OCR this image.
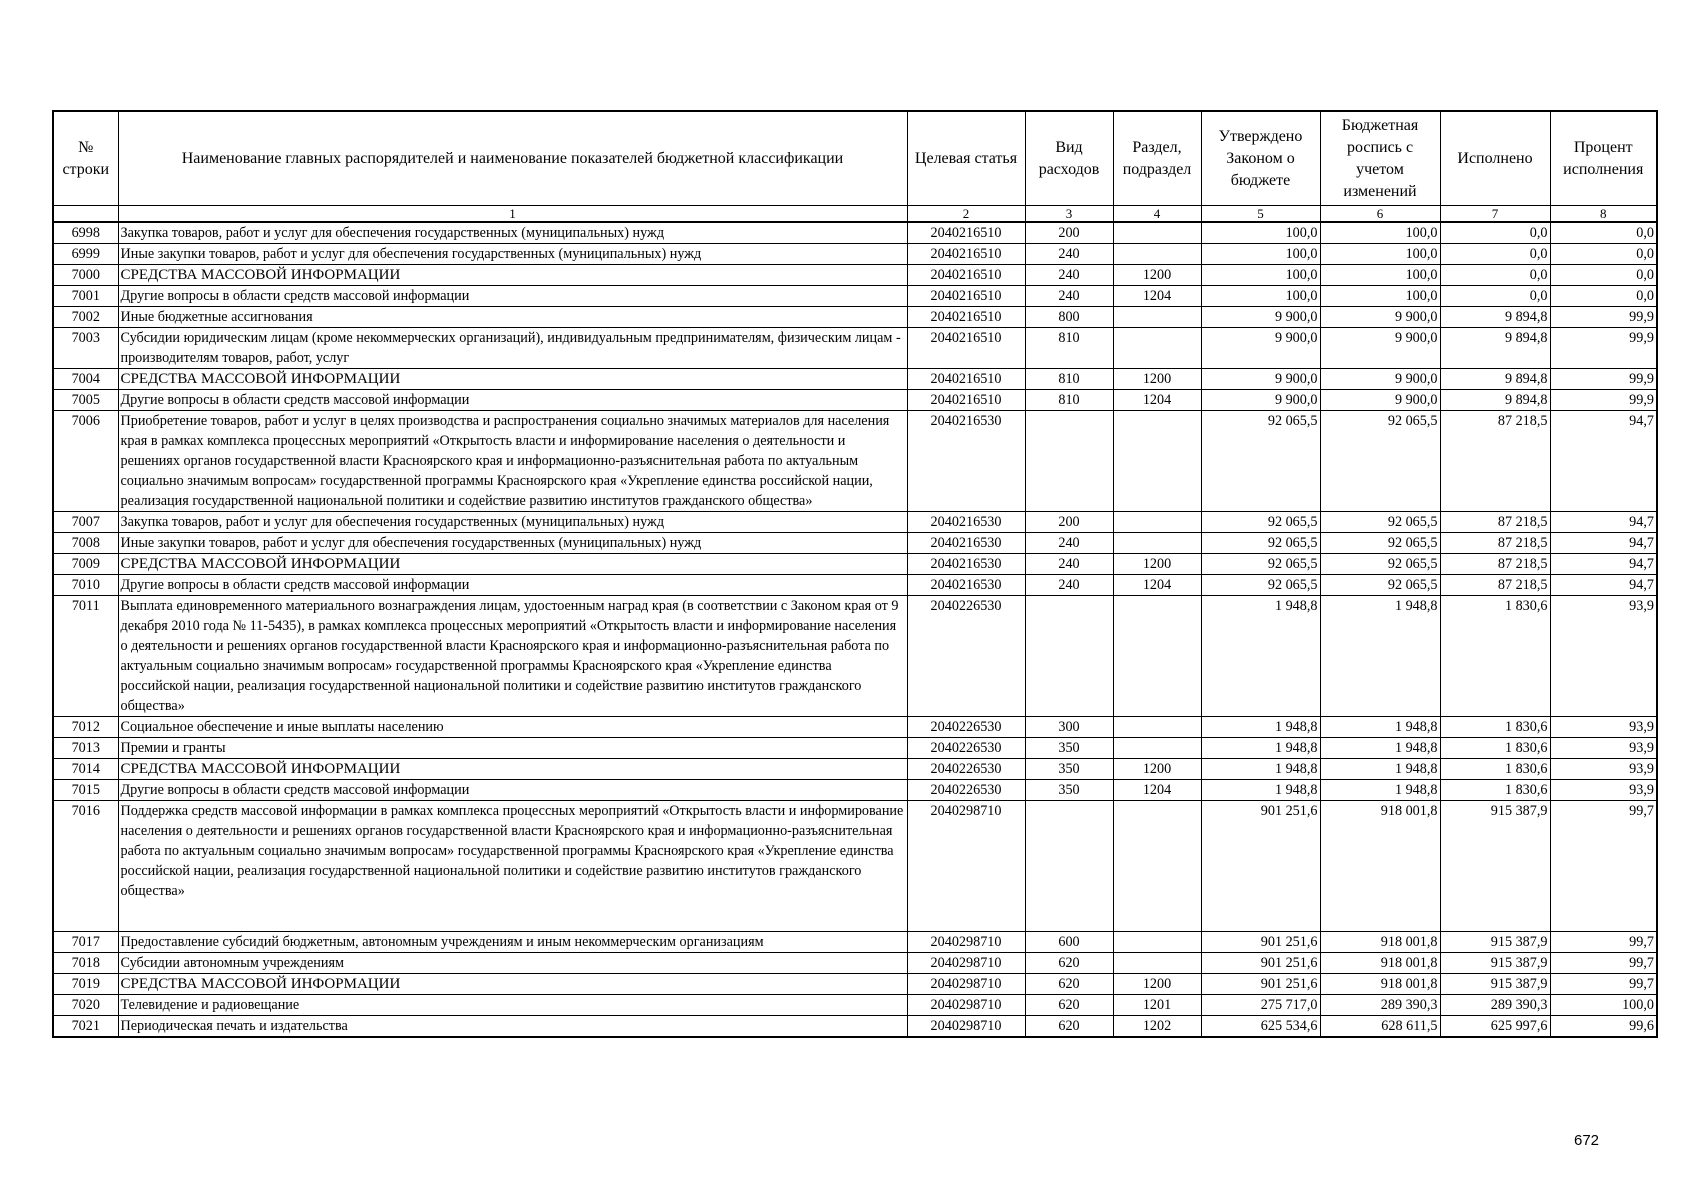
№ строки	Наименование главных распорядителей и наименование показателей бюджетной классификации	Целевая статья	Вид расходов	Раздел, подраздел	Утверждено Законом о бюджете	Бюджетная роспись с учетом изменений	Исполнено	Процент исполнения
	1	2	3	4	5	6	7	8
6998	Закупка товаров, работ и услуг для обеспечения государственных (муниципальных) нужд	2040216510	200		100,0	100,0	0,0	0,0
6999	Иные закупки товаров, работ и услуг для обеспечения государственных (муниципальных) нужд	2040216510	240		100,0	100,0	0,0	0,0
7000	СРЕДСТВА МАССОВОЙ ИНФОРМАЦИИ	2040216510	240	1200	100,0	100,0	0,0	0,0
7001	Другие вопросы в области средств массовой информации	2040216510	240	1204	100,0	100,0	0,0	0,0
7002	Иные бюджетные ассигнования	2040216510	800		9 900,0	9 900,0	9 894,8	99,9
7003	Субсидии юридическим лицам (кроме некоммерческих организаций), индивидуальным предпринимателям, физическим лицам - производителям товаров, работ, услуг	2040216510	810		9 900,0	9 900,0	9 894,8	99,9
7004	СРЕДСТВА МАССОВОЙ ИНФОРМАЦИИ	2040216510	810	1200	9 900,0	9 900,0	9 894,8	99,9
7005	Другие вопросы в области средств массовой информации	2040216510	810	1204	9 900,0	9 900,0	9 894,8	99,9
7006	Приобретение товаров, работ и услуг в целях производства и распространения социально значимых материалов для населения края в рамках комплекса процессных мероприятий «Открытость власти и информирование населения о деятельности и решениях органов государственной власти Красноярского края и информационно-разъяснительная работа по актуальным социально значимым вопросам» государственной программы Красноярского края «Укрепление единства российской нации, реализация государственной национальной политики и содействие развитию институтов гражданского общества»	2040216530			92 065,5	92 065,5	87 218,5	94,7
7007	Закупка товаров, работ и услуг для обеспечения государственных (муниципальных) нужд	2040216530	200		92 065,5	92 065,5	87 218,5	94,7
7008	Иные закупки товаров, работ и услуг для обеспечения государственных (муниципальных) нужд	2040216530	240		92 065,5	92 065,5	87 218,5	94,7
7009	СРЕДСТВА МАССОВОЙ ИНФОРМАЦИИ	2040216530	240	1200	92 065,5	92 065,5	87 218,5	94,7
7010	Другие вопросы в области средств массовой информации	2040216530	240	1204	92 065,5	92 065,5	87 218,5	94,7
7011	Выплата единовременного материального вознаграждения лицам, удостоенным наград края (в соответствии с Законом края от 9 декабря 2010 года № 11-5435), в рамках комплекса процессных мероприятий «Открытость власти и информирование населения о деятельности и решениях органов государственной власти Красноярского края и информационно-разъяснительная работа по актуальным социально значимым вопросам» государственной программы Красноярского края «Укрепление единства российской нации, реализация государственной национальной политики и содействие развитию институтов гражданского общества»	2040226530			1 948,8	1 948,8	1 830,6	93,9
7012	Социальное обеспечение и иные выплаты населению	2040226530	300		1 948,8	1 948,8	1 830,6	93,9
7013	Премии и гранты	2040226530	350		1 948,8	1 948,8	1 830,6	93,9
7014	СРЕДСТВА МАССОВОЙ ИНФОРМАЦИИ	2040226530	350	1200	1 948,8	1 948,8	1 830,6	93,9
7015	Другие вопросы в области средств массовой информации	2040226530	350	1204	1 948,8	1 948,8	1 830,6	93,9
7016	Поддержка средств массовой информации в рамках комплекса процессных мероприятий «Открытость власти и информирование населения о деятельности и решениях органов государственной власти Красноярского края и информационно-разъяснительная работа по актуальным социально значимым вопросам» государственной программы Красноярского края «Укрепление единства российской нации, реализация государственной национальной политики и содействие развитию институтов гражданского общества»	2040298710			901 251,6	918 001,8	915 387,9	99,7
7017	Предоставление субсидий бюджетным, автономным учреждениям и иным некоммерческим организациям	2040298710	600		901 251,6	918 001,8	915 387,9	99,7
7018	Субсидии автономным учреждениям	2040298710	620		901 251,6	918 001,8	915 387,9	99,7
7019	СРЕДСТВА МАССОВОЙ ИНФОРМАЦИИ	2040298710	620	1200	901 251,6	918 001,8	915 387,9	99,7
7020	Телевидение и радиовещание	2040298710	620	1201	275 717,0	289 390,3	289 390,3	100,0
7021	Периодическая печать и издательства	2040298710	620	1202	625 534,6	628 611,5	625 997,6	99,6
672
